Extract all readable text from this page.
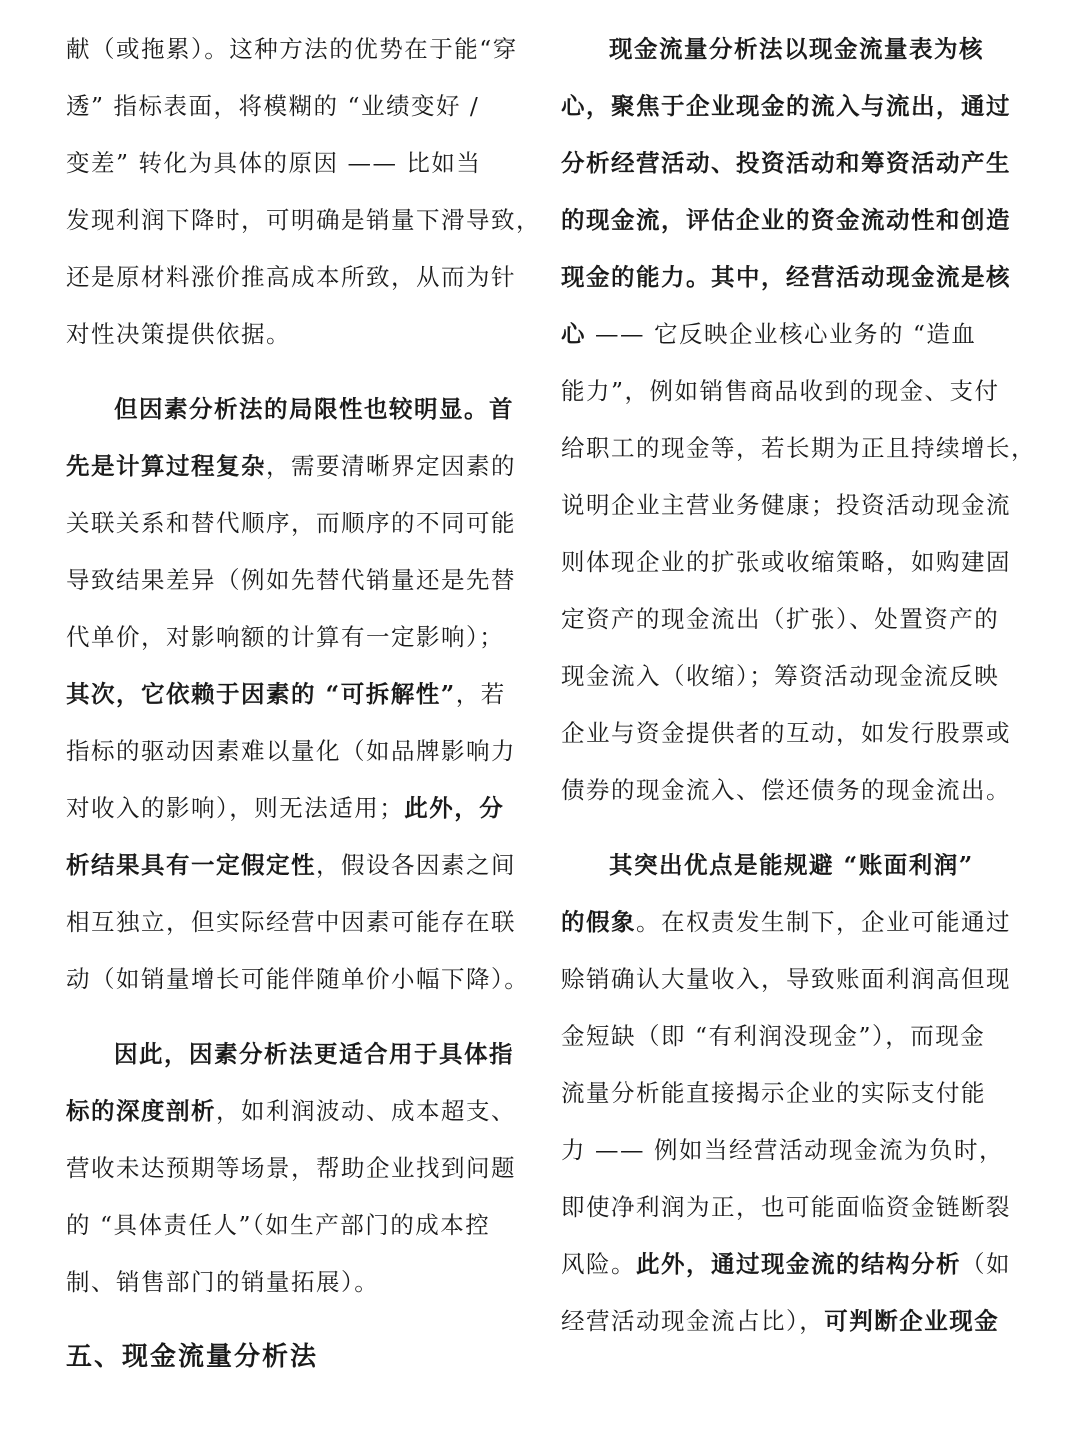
献（或拖累）。这种方法的优势在于能“穿
透” 指标表面，将模糊的 “业绩变好 /
变差” 转化为具体的原因 —— 比如当
发现利润下降时，可明确是销量下滑导致，
还是原材料涨价推高成本所致，从而为针
对性决策提供依据。
但因素分析法的局限性也较明显。首
先是计算过程复杂，需要清晰界定因素的
关联关系和替代顺序，而顺序的不同可能
导致结果差异（例如先替代销量还是先替
代单价，对影响额的计算有一定影响）；
其次，它依赖于因素的 “可拆解性”，若
指标的驱动因素难以量化（如品牌影响力
对收入的影响），则无法适用；此外，分
析结果具有一定假定性，假设各因素之间
相互独立，但实际经营中因素可能存在联
动（如销量增长可能伴随单价小幅下降）。
因此，因素分析法更适合用于具体指
标的深度剖析，如利润波动、成本超支、
营收未达预期等场景，帮助企业找到问题
的 “具体责任人”（如生产部门的成本控
制、销售部门的销量拓展）。
五、现金流量分析法
现金流量分析法以现金流量表为核
心，聚焦于企业现金的流入与流出，通过
分析经营活动、投资活动和筹资活动产生
的现金流，评估企业的资金流动性和创造
现金的能力。其中，经营活动现金流是核
心 —— 它反映企业核心业务的 “造血
能力”，例如销售商品收到的现金、支付
给职工的现金等，若长期为正且持续增长，
说明企业主营业务健康；投资活动现金流
则体现企业的扩张或收缩策略，如购建固
定资产的现金流出（扩张）、处置资产的
现金流入（收缩）；筹资活动现金流反映
企业与资金提供者的互动，如发行股票或
债券的现金流入、偿还债务的现金流出。
其突出优点是能规避 “账面利润”
的假象。在权责发生制下，企业可能通过
赊销确认大量收入，导致账面利润高但现
金短缺（即 “有利润没现金”），而现金
流量分析能直接揭示企业的实际支付能
力 —— 例如当经营活动现金流为负时，
即使净利润为正，也可能面临资金链断裂
风险。此外，通过现金流的结构分析（如
经营活动现金流占比），可判断企业现金
